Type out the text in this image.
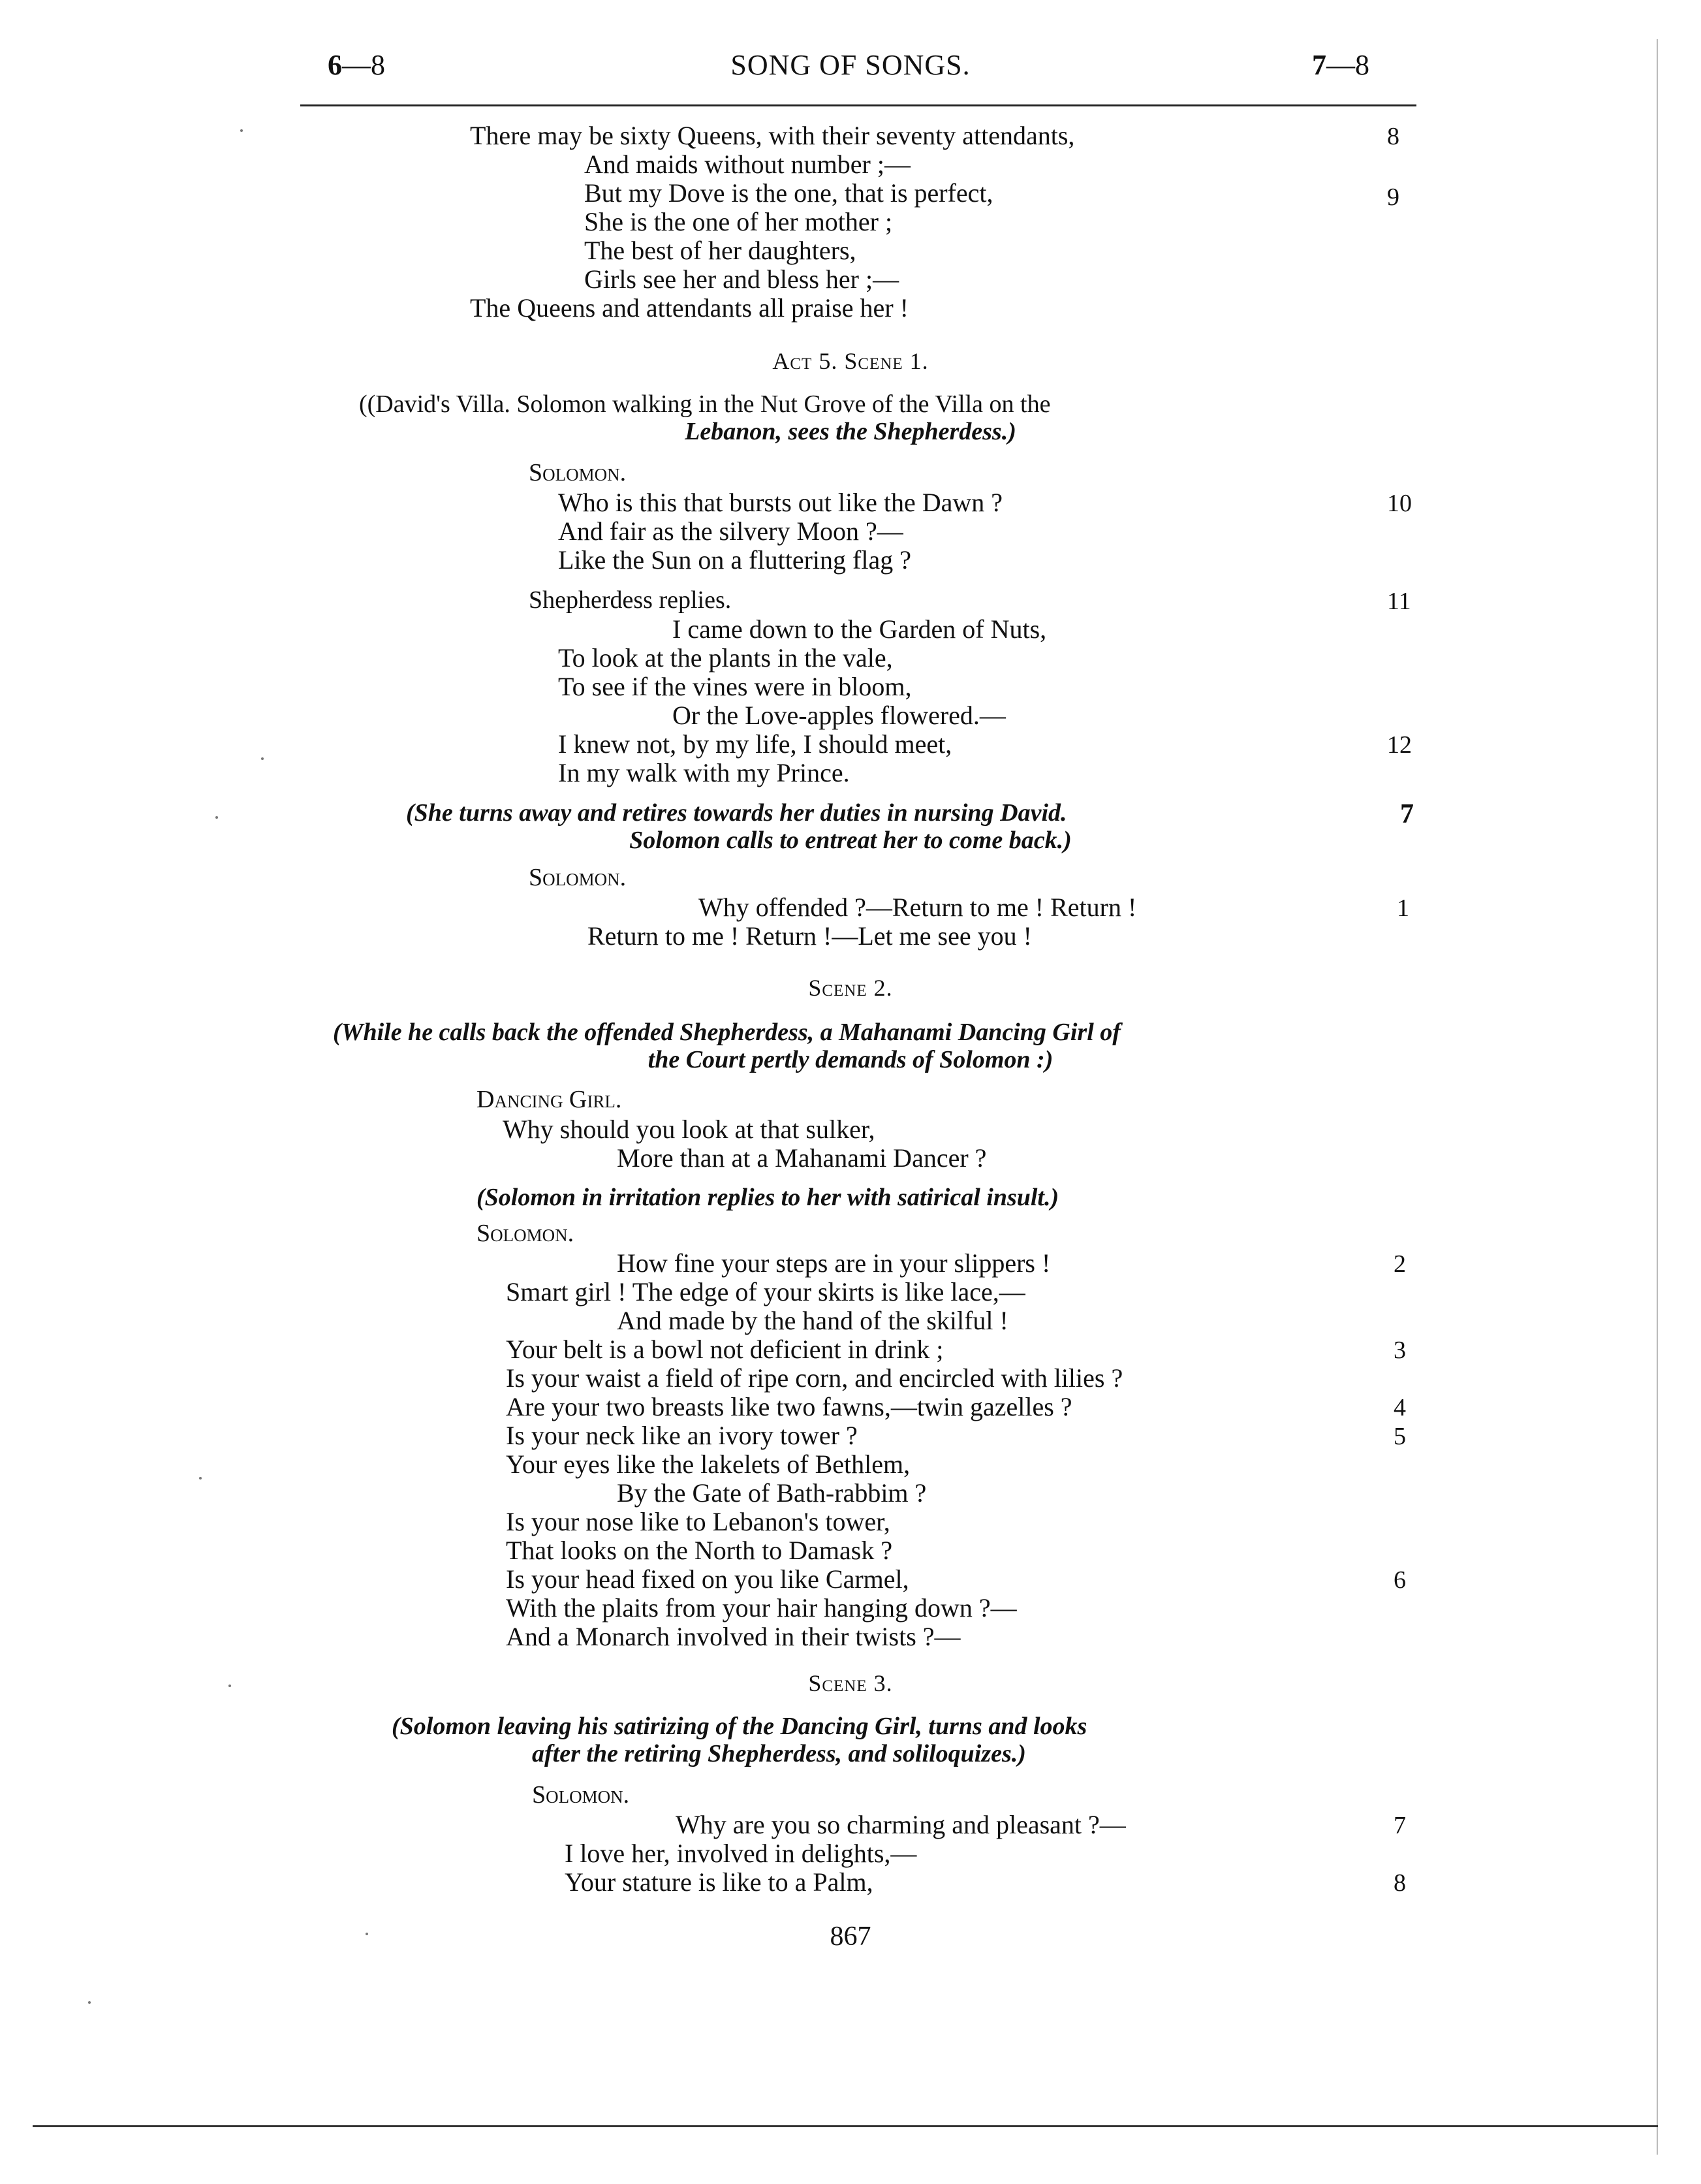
6—8	SONG OF SONGS.	7—8
There may be sixty Queens, with their seventy attendants,
And maids without number ;—
But my Dove is the one, that is perfect,
She is the one of her mother ;
The best of her daughters,
Girls see her and bless her ;—
The Queens and attendants all praise her !
Act 5. Scene 1.
((David's Villa. Solomon walking in the Nut Grove of the Villa on the
Lebanon, sees the Shepherdess.)
Solomon.
Who is this that bursts out like the Dawn ?
And fair as the silvery Moon ?—
Like the Sun on a fluttering flag ?
Shepherdess replies.
I came down to the Garden of Nuts,
To look at the plants in the vale,
To see if the vines were in bloom,
Or the Love-apples flowered.—
I knew not, by my life, I should meet,
In my walk with my Prince.
(She turns away and retires towards her duties in nursing David.
Solomon calls to entreat her to come back.)
Solomon.
Why offended ?—Return to me ! Return !
Return to me ! Return !—Let me see you !
Scene 2.
(While he calls back the offended Shepherdess, a Mahanami Dancing Girl of
the Court pertly demands of Solomon :)
Dancing Girl.
Why should you look at that sulker,
More than at a Mahanami Dancer ?
(Solomon in irritation replies to her with satirical insult.)
Solomon.
How fine your steps are in your slippers !
Smart girl ! The edge of your skirts is like lace,—
And made by the hand of the skilful !
Your belt is a bowl not deficient in drink ;
Is your waist a field of ripe corn, and encircled with lilies ?
Are your two breasts like two fawns,—twin gazelles ?
Is your neck like an ivory tower ?
Your eyes like the lakelets of Bethlem,
By the Gate of Bath-rabbim ?
Is your nose like to Lebanon's tower,
That looks on the North to Damask ?
Is your head fixed on you like Carmel,
With the plaits from your hair hanging down ?—
And a Monarch involved in their twists ?—
Scene 3.
(Solomon leaving his satirizing of the Dancing Girl, turns and looks
after the retiring Shepherdess, and soliloquizes.)
Solomon.
Why are you so charming and pleasant ?—
I love her, involved in delights,—
Your stature is like to a Palm,
8
9
10
11
12
7
1
2
3
4
5
6
7
8
867
